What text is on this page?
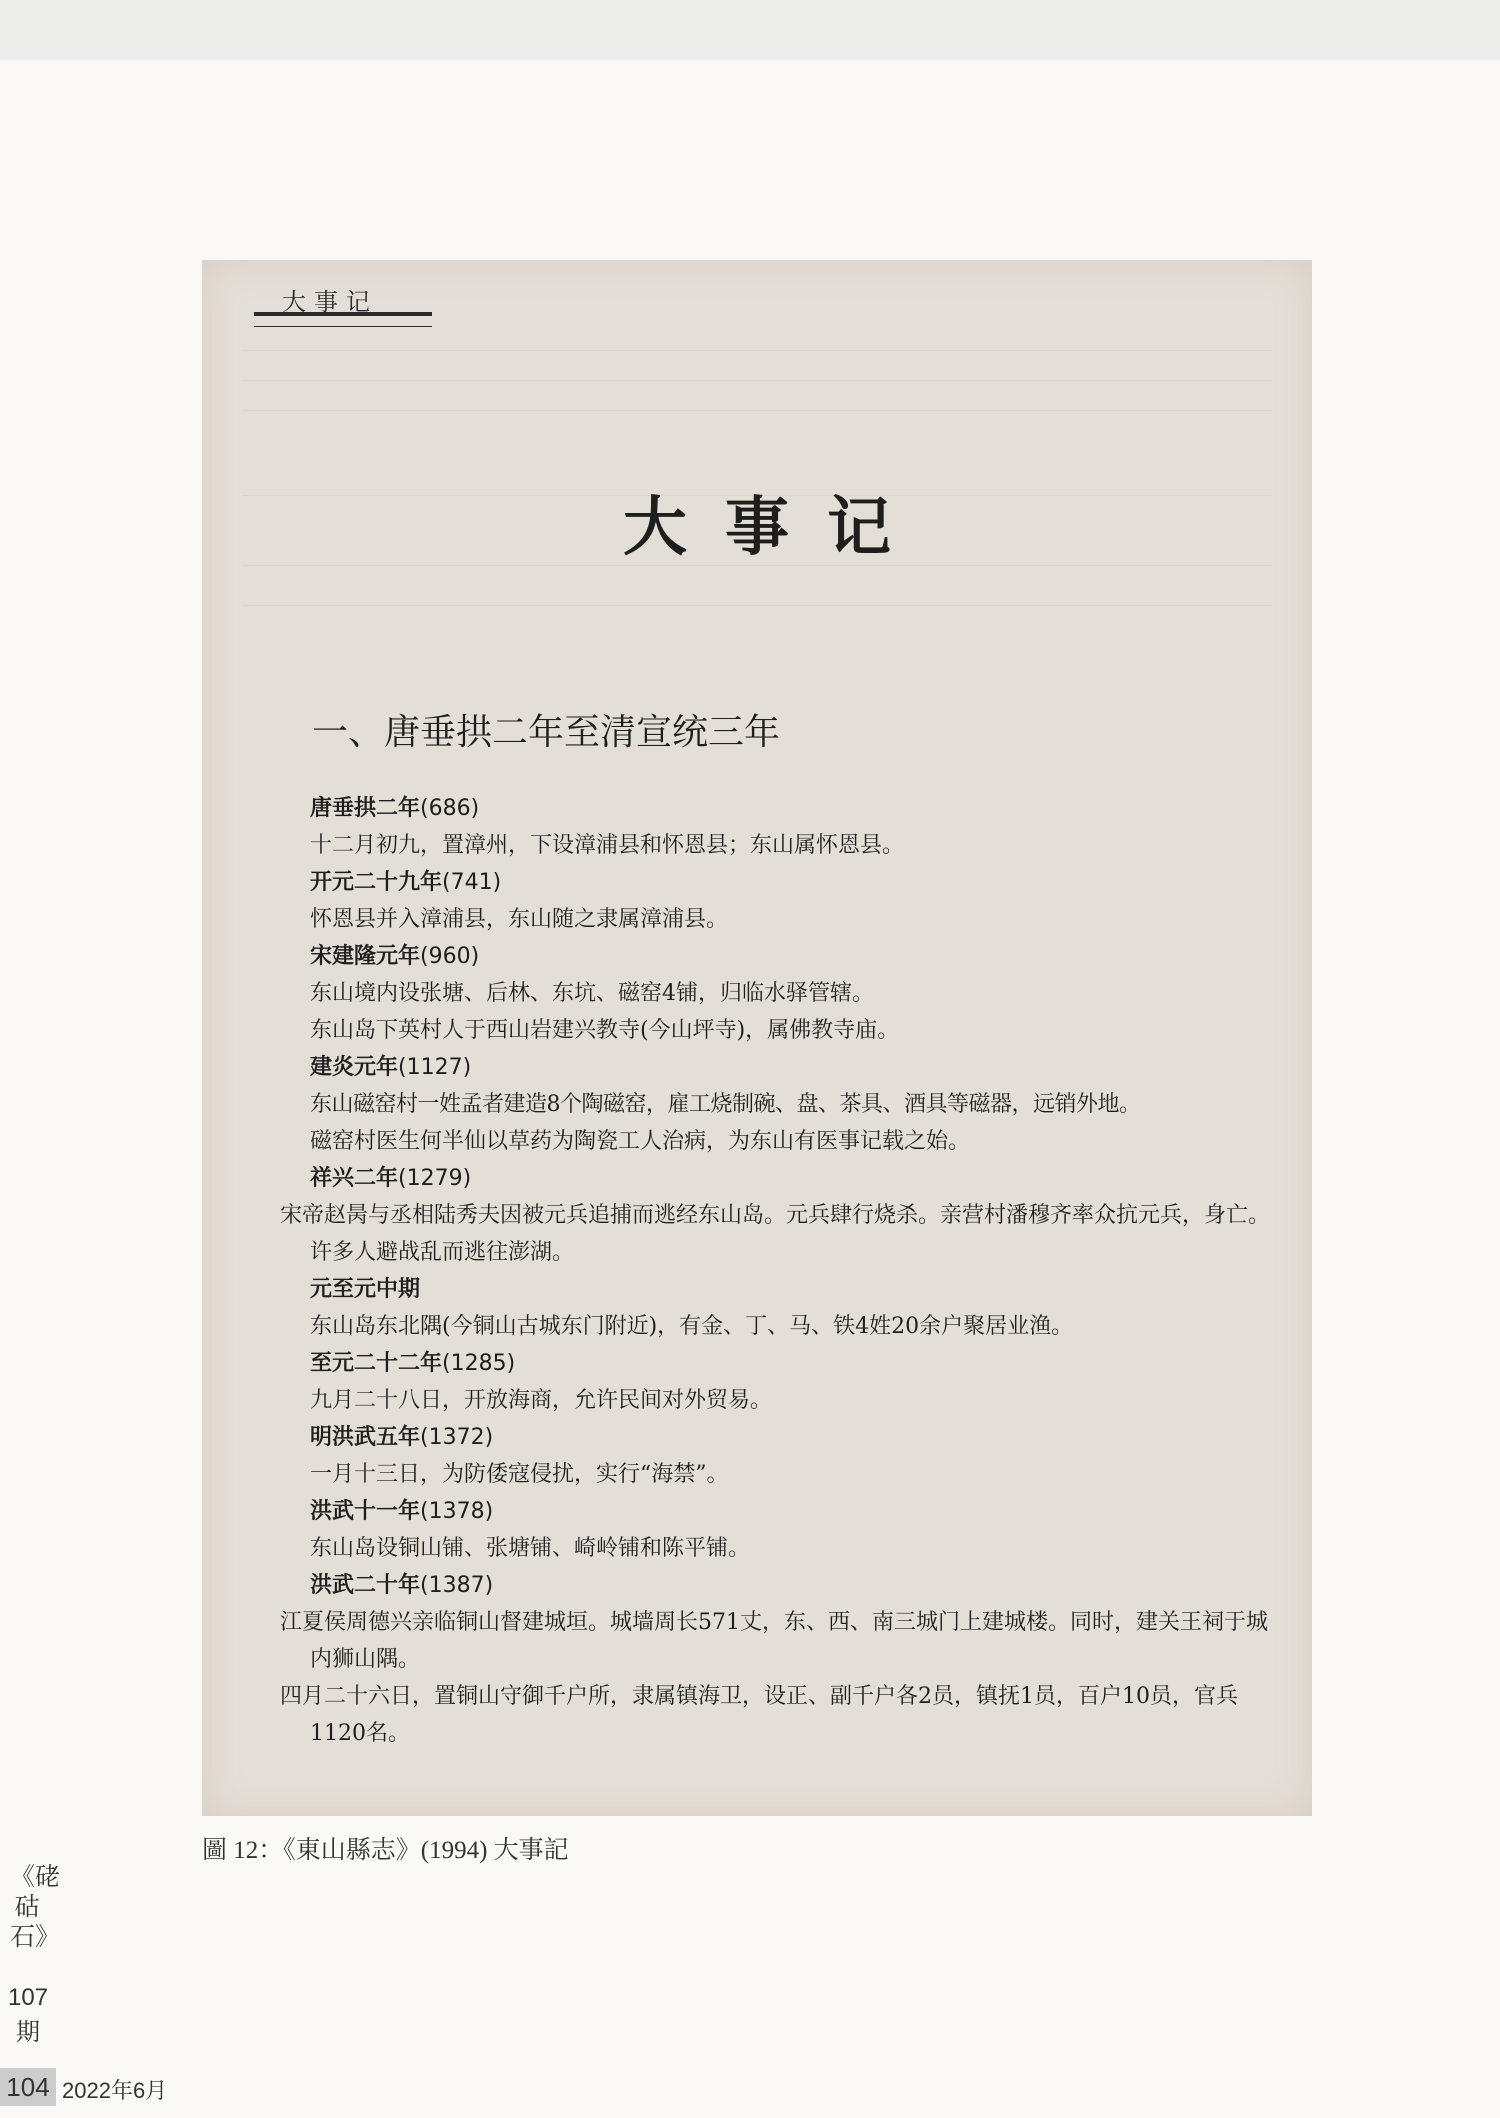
大事记
大事记
一、唐垂拱二年至清宣统三年
唐垂拱二年(686)
十二月初九，置漳州，下设漳浦县和怀恩县；东山属怀恩县。
开元二十九年(741)
怀恩县并入漳浦县，东山随之隶属漳浦县。
宋建隆元年(960)
东山境内设张塘、后林、东坑、磁窑4铺，归临水驿管辖。
东山岛下英村人于西山岩建兴教寺(今山坪寺)，属佛教寺庙。
建炎元年(1127)
东山磁窑村一姓孟者建造8个陶磁窑，雇工烧制碗、盘、茶具、酒具等磁器，远销外地。
磁窑村医生何半仙以草药为陶瓷工人治病，为东山有医事记载之始。
祥兴二年(1279)
宋帝赵昺与丞相陆秀夫因被元兵追捕而逃经东山岛。元兵肆行烧杀。亲营村潘穆齐率众抗元兵，身亡。许多人避战乱而逃往澎湖。
元至元中期
东山岛东北隅(今铜山古城东门附近)，有金、丁、马、铁4姓20余户聚居业渔。
至元二十二年(1285)
九月二十八日，开放海商，允许民间对外贸易。
明洪武五年(1372)
一月十三日，为防倭寇侵扰，实行“海禁”。
洪武十一年(1378)
东山岛设铜山铺、张塘铺、崎岭铺和陈平铺。
洪武二十年(1387)
江夏侯周德兴亲临铜山督建城垣。城墙周长571丈，东、西、南三城门上建城楼。同时，建关王祠于城内狮山隅。
四月二十六日，置铜山守御千户所，隶属镇海卫，设正、副千户各2员，镇抚1员，百户10员，官兵1120名。
圖 12：《東山縣志》(1994) 大事記
《硓𥑮石》
107
期
104 2022年6月
